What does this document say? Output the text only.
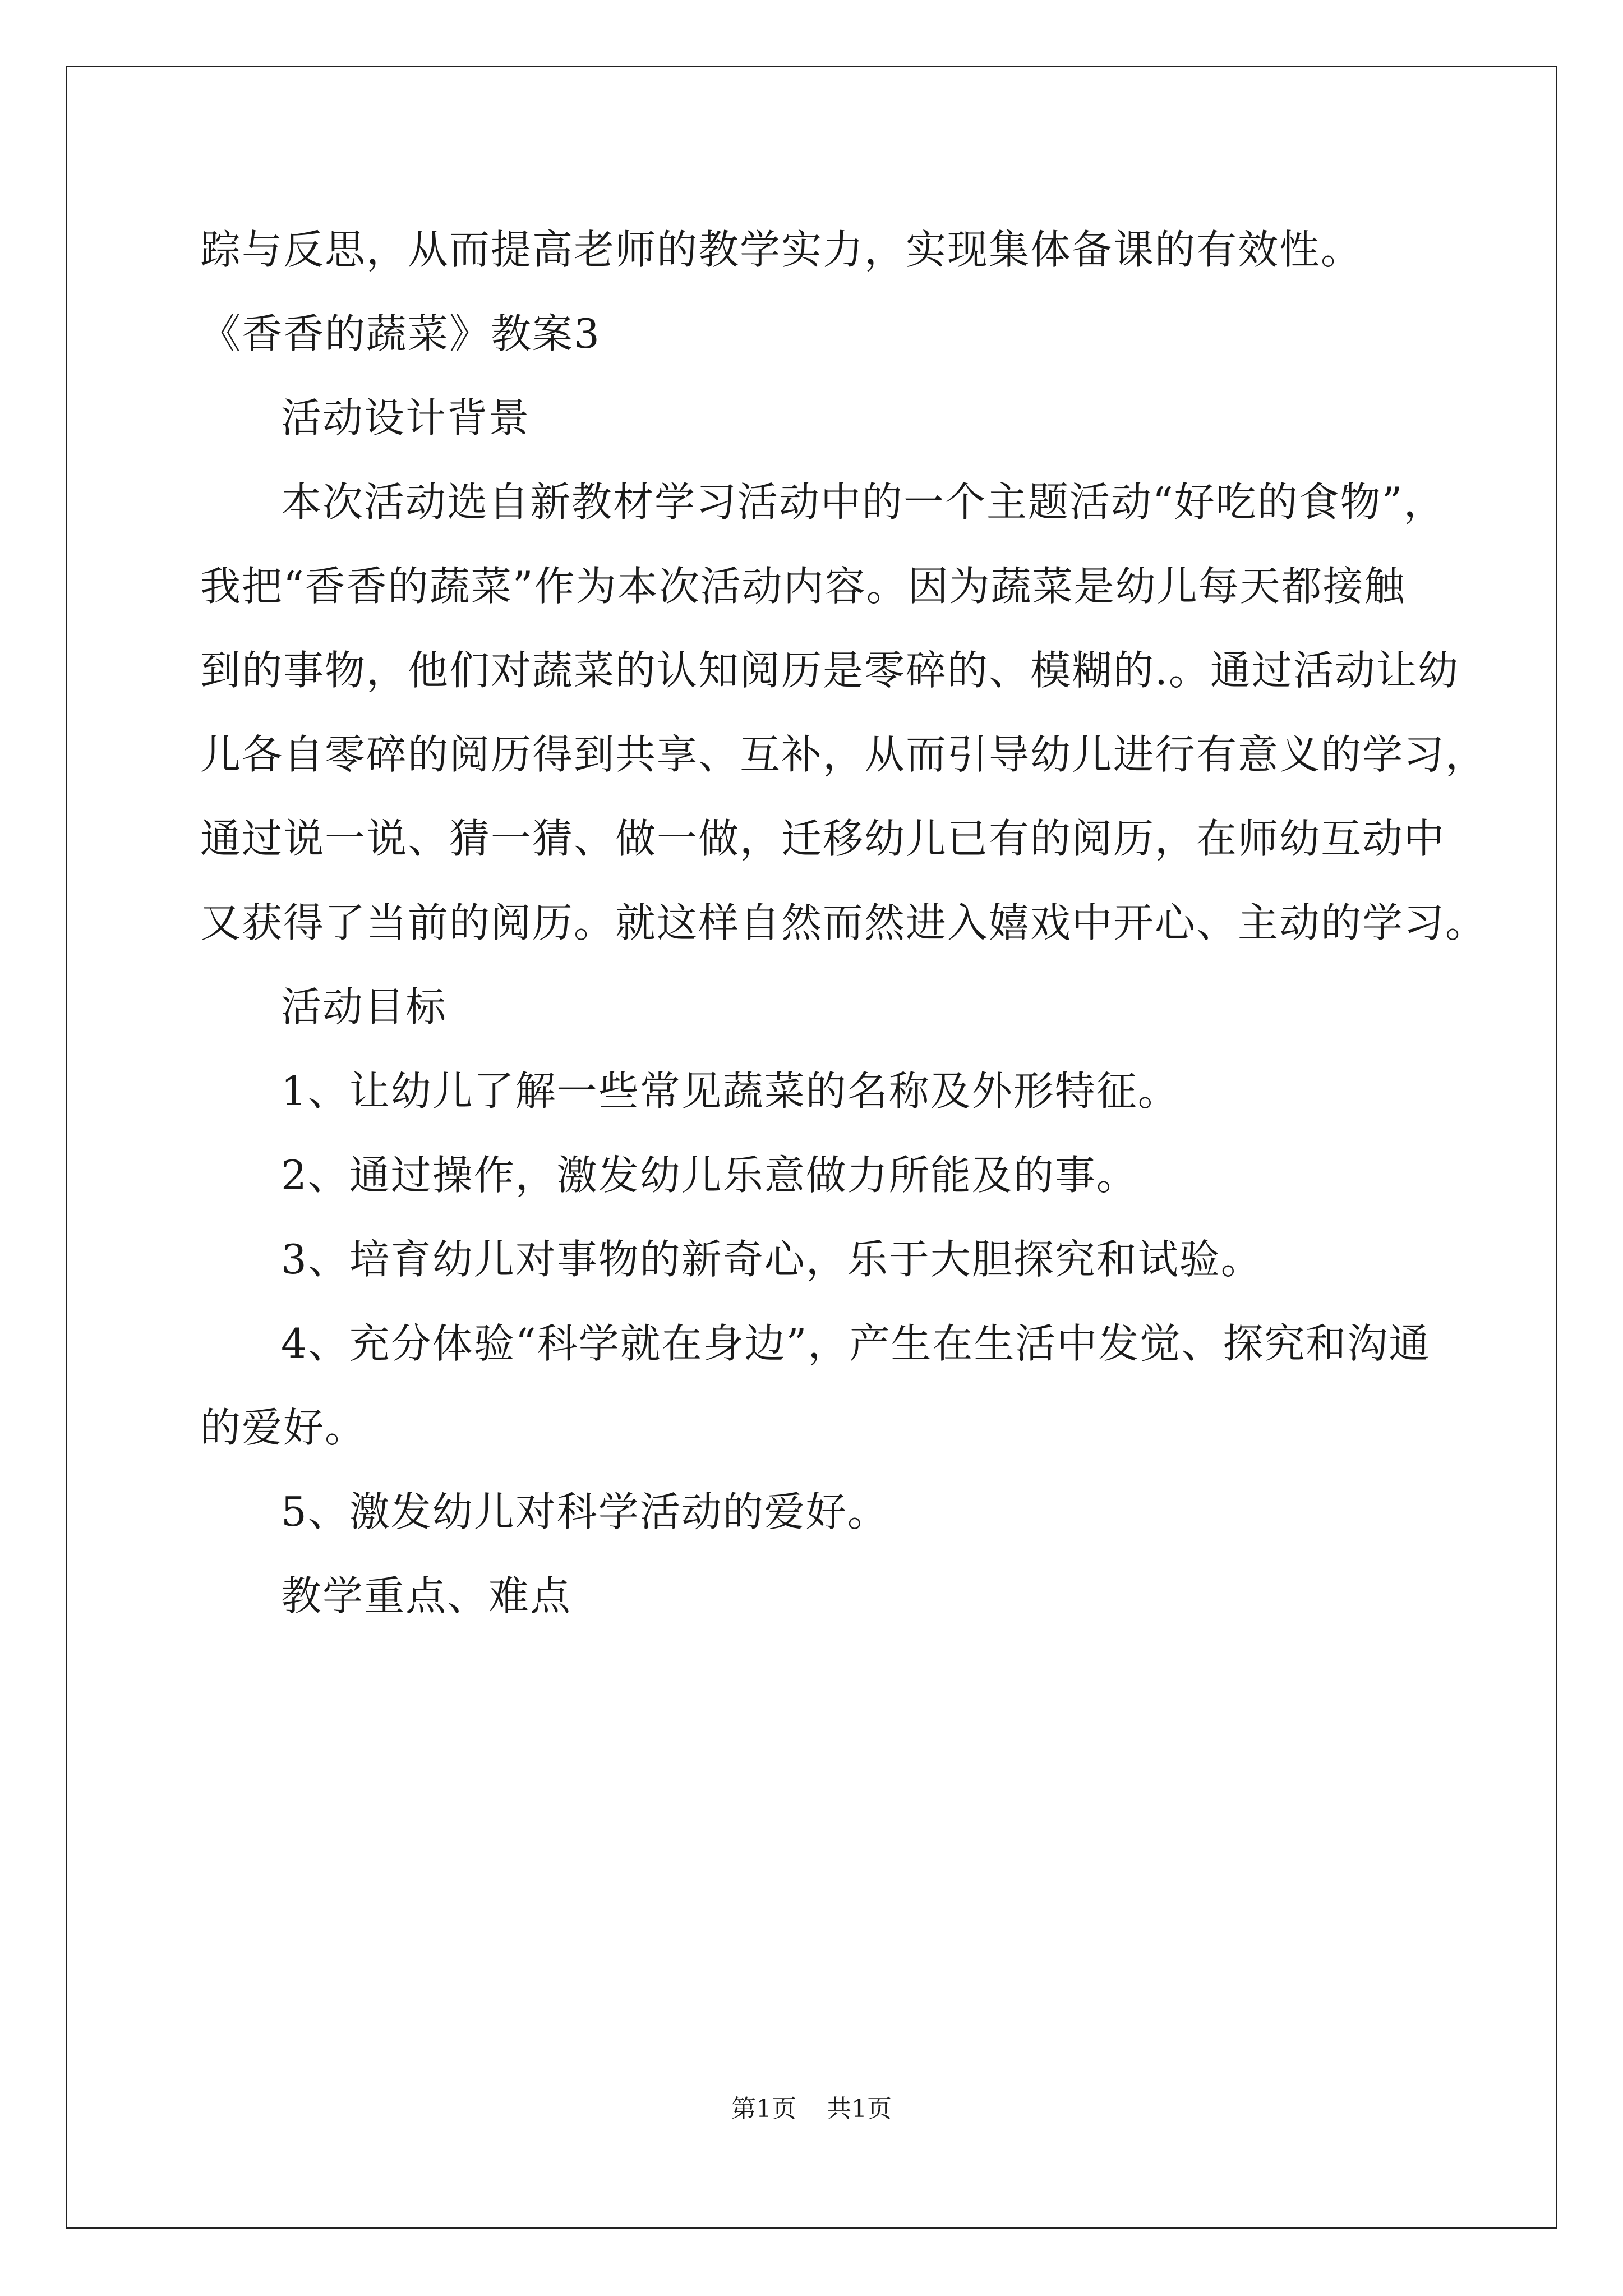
踪与反思，从而提高老师的教学实力，实现集体备课的有效性。
《香香的蔬菜》教案3
活动设计背景
本次活动选自新教材学习活动中的一个主题活动“好吃的食物”，
我把“香香的蔬菜”作为本次活动内容。因为蔬菜是幼儿每天都接触
到的事物，他们对蔬菜的认知阅历是零碎的、模糊的.。通过活动让幼
儿各自零碎的阅历得到共享、互补，从而引导幼儿进行有意义的学习，
通过说一说、猜一猜、做一做，迁移幼儿已有的阅历，在师幼互动中
又获得了当前的阅历。就这样自然而然进入嬉戏中开心、主动的学习。
活动目标
1、让幼儿了解一些常见蔬菜的名称及外形特征。
2、通过操作，激发幼儿乐意做力所能及的事。
3、培育幼儿对事物的新奇心，乐于大胆探究和试验。
4、充分体验“科学就在身边”，产生在生活中发觉、探究和沟通
的爱好。
5、激发幼儿对科学活动的爱好。
教学重点、难点
第1页 共1页
